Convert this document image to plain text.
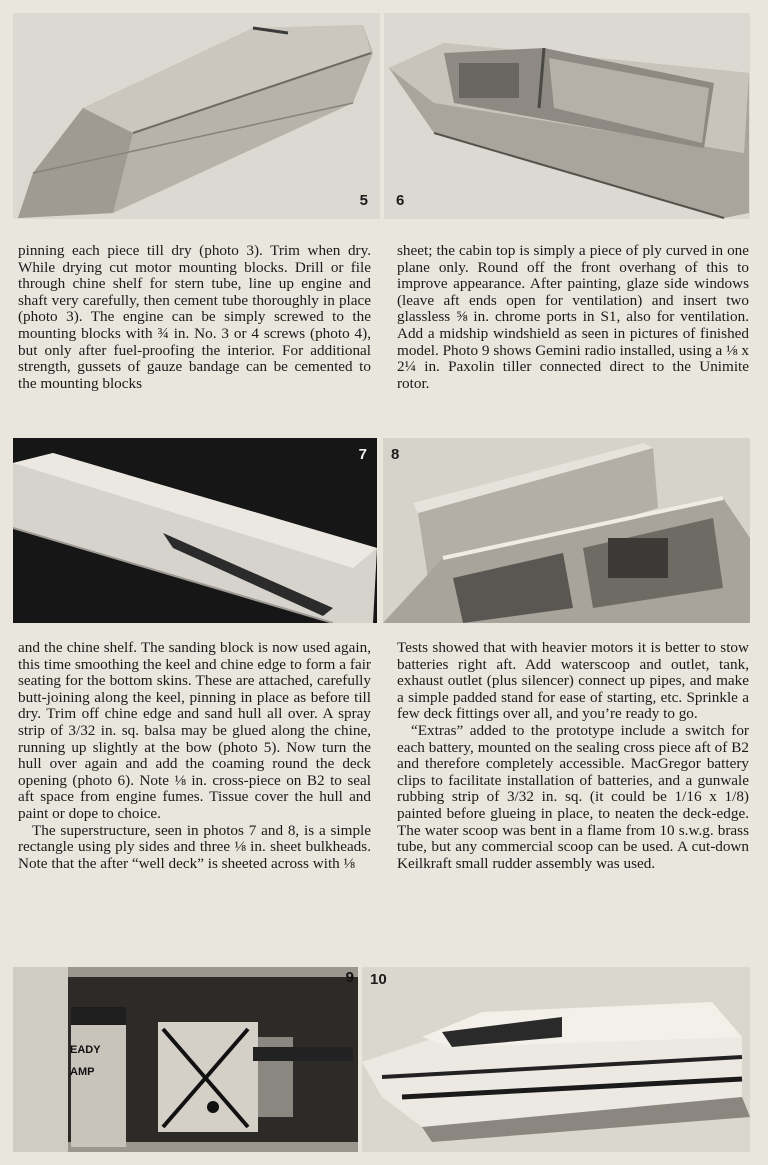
5 6

pinning each piece till dry (photo 3). Trim when dry. While drying cut motor mounting blocks. Drill or file through chine shelf for stern tube, line up engine and shaft very carefully, then cement tube thoroughly in place (photo 3). The engine can be simply screwed to the mounting blocks with ¾ in. No. 3 or 4 screws (photo 4), but only after fuel-proofing the interior. For additional strength, gussets of gauze bandage can be cemented to the mounting blocks

sheet; the cabin top is simply a piece of ply curved in one plane only. Round off the front overhang of this to improve appearance. After painting, glaze side windows (leave aft ends open for ventilation) and insert two glassless ⅝ in. chrome ports in S1, also for ventilation. Add a midship windshield as seen in pictures of finished model. Photo 9 shows Gemini radio installed, using a ⅛ x 2¼ in. Paxolin tiller connected direct to the Unimite rotor.

7 8

and the chine shelf. The sanding block is now used again, this time smoothing the keel and chine edge to form a fair seating for the bottom skins. These are attached, carefully butt-joining along the keel, pinning in place as before till dry. Trim off chine edge and sand hull all over. A spray strip of 3/32 in. sq. balsa may be glued along the chine, running up slightly at the bow (photo 5). Now turn the hull over again and add the coaming round the deck opening (photo 6). Note ⅛ in. cross-piece on B2 to seal aft space from engine fumes. Tissue cover the hull and paint or dope to choice.

The superstructure, seen in photos 7 and 8, is a simple rectangle using ply sides and three ⅛ in. sheet bulkheads. Note that the after “well deck” is sheeted across with ⅛

Tests showed that with heavier motors it is better to stow batteries right aft. Add waterscoop and outlet, tank, exhaust outlet (plus silencer) connect up pipes, and make a simple padded stand for ease of starting, etc. Sprinkle a few deck fittings over all, and you’re ready to go.

“Extras” added to the prototype include a switch for each battery, mounted on the sealing cross piece aft of B2 and therefore completely accessible. MacGregor battery clips to facilitate installation of batteries, and a gunwale rubbing strip of 3/32 in. sq. (it could be 1/16 x 1/8) painted before glueing in place, to neaten the deck-edge. The water scoop was bent in a flame from 10 s.w.g. brass tube, but any commercial scoop can be used. A cut-down Keilkraft small rudder assembly was used.

EADY
AMP
9 10
